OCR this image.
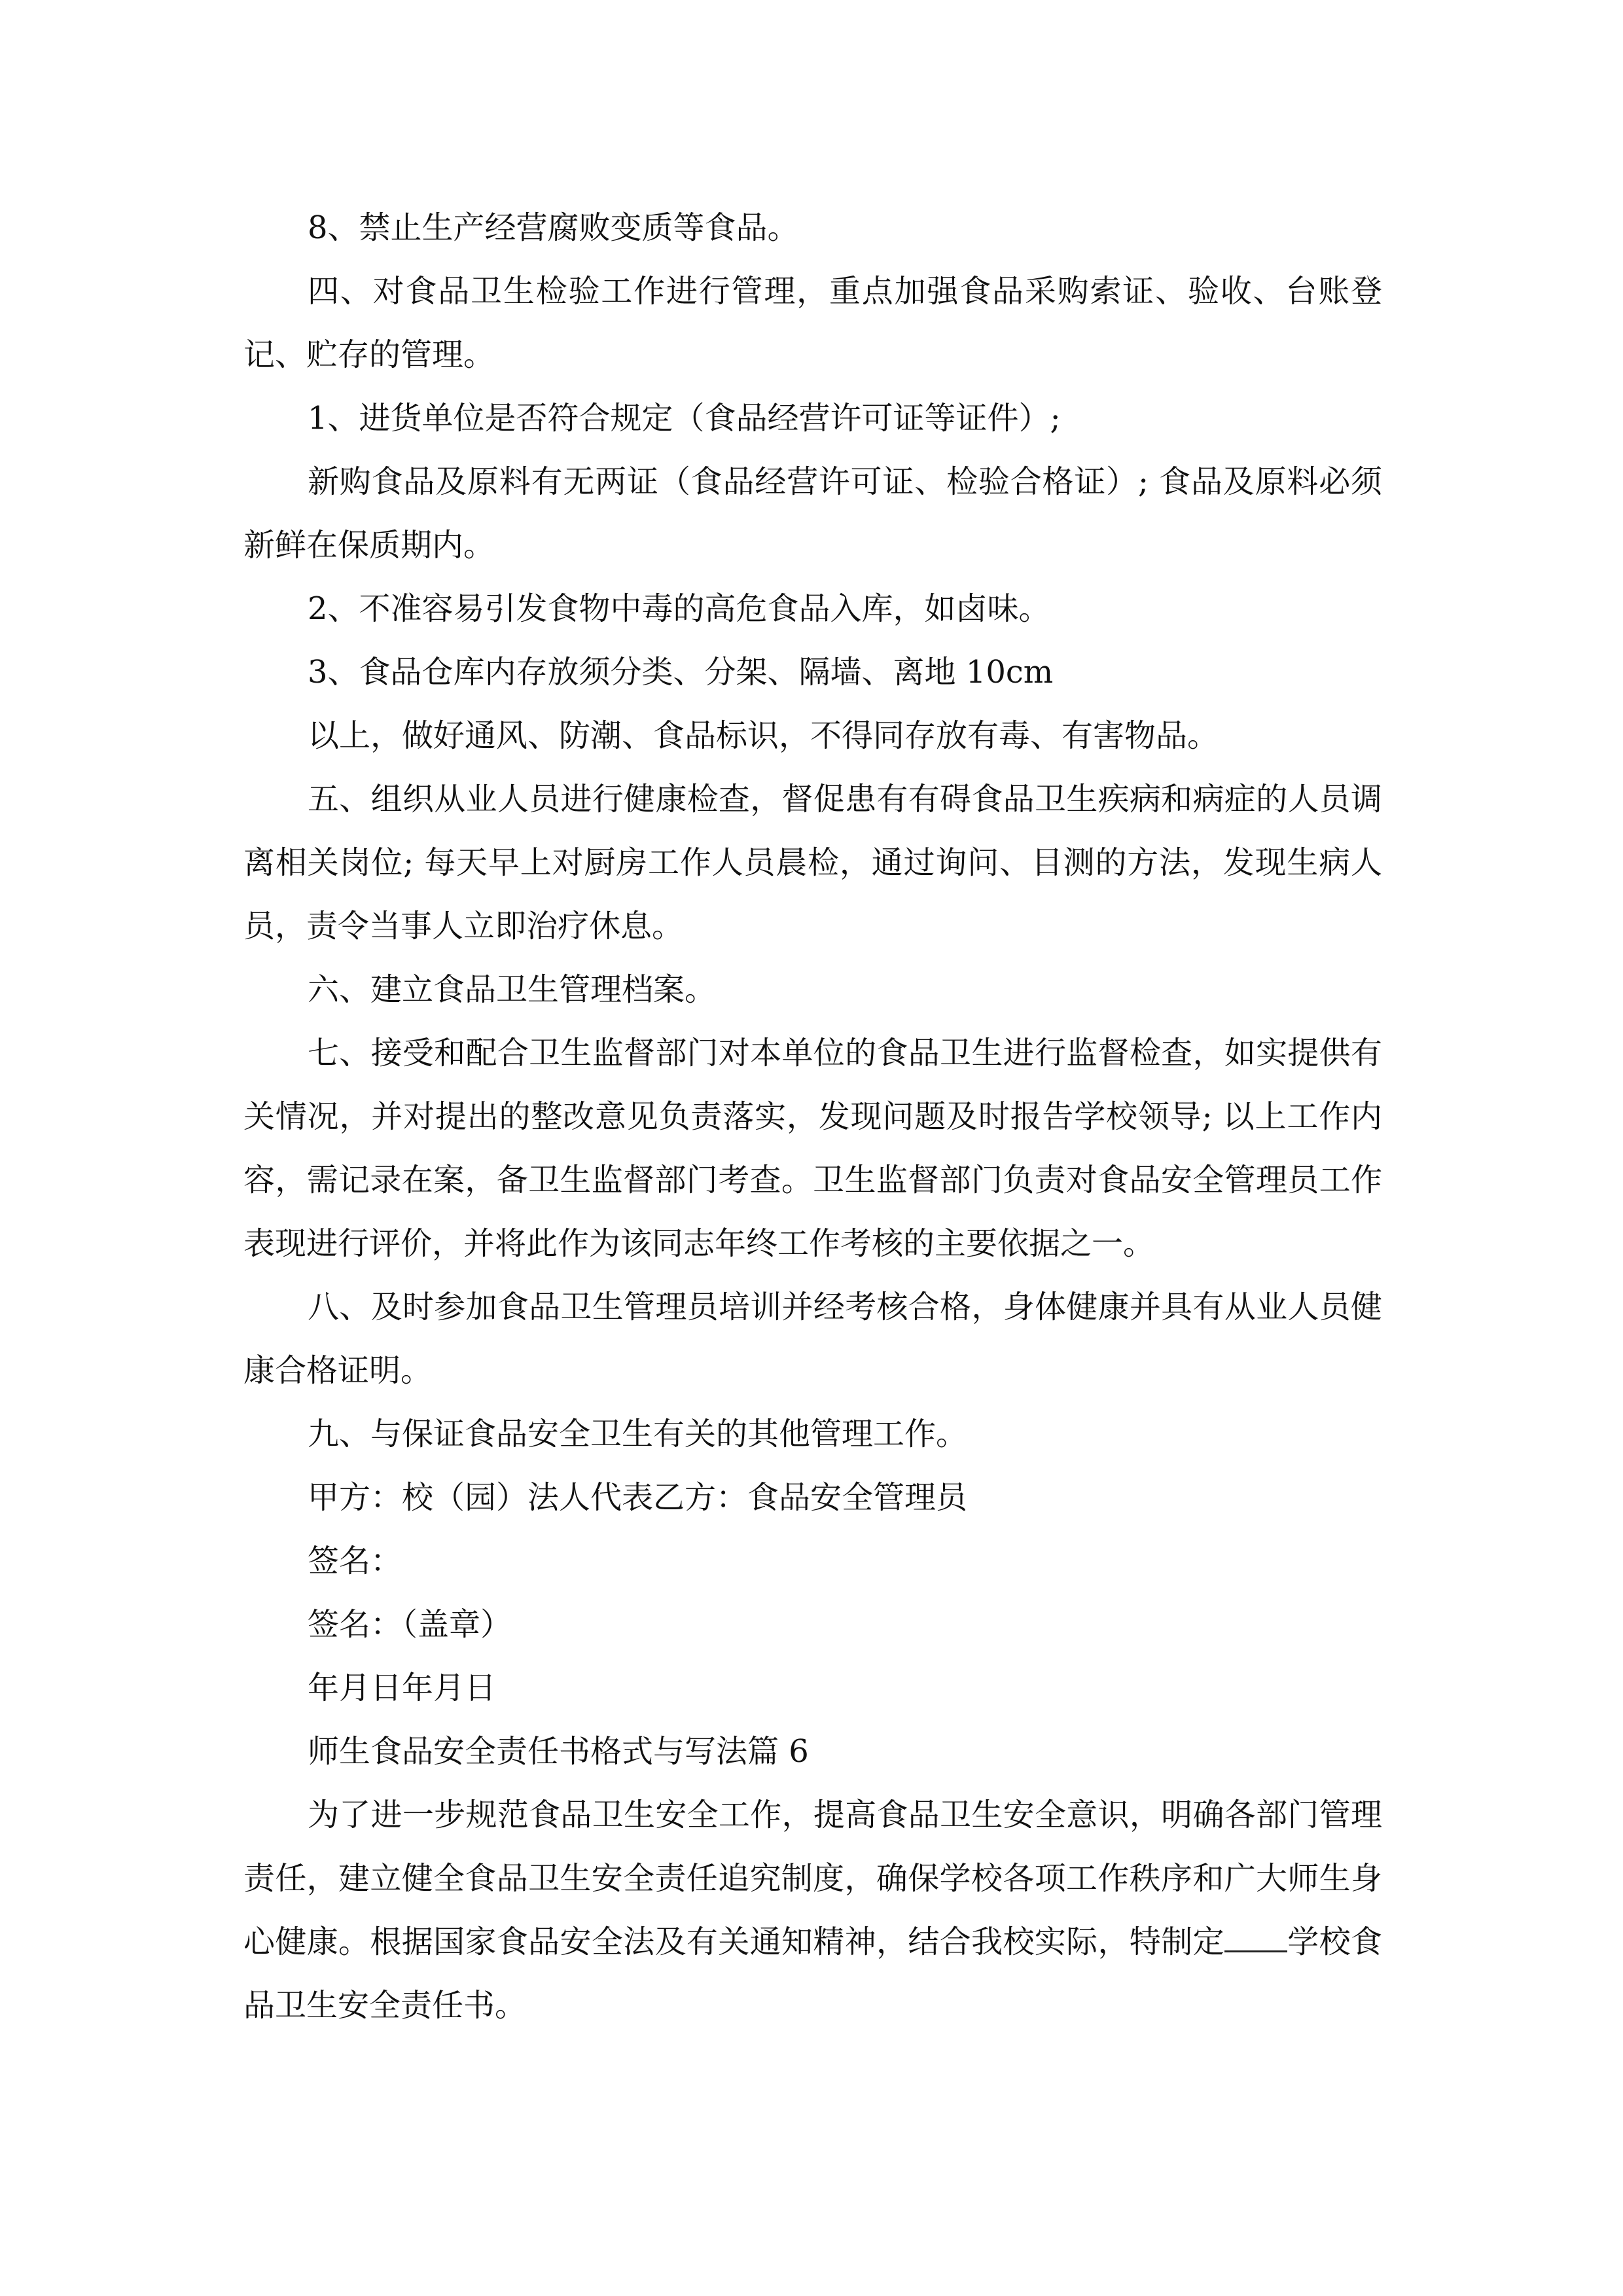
8、禁止生产经营腐败变质等食品。

四、对食品卫生检验工作进行管理，重点加强食品采购索证、验收、台账登记、贮存的管理。

1、进货单位是否符合规定（食品经营许可证等证件）;

新购食品及原料有无两证（食品经营许可证、检验合格证）; 食品及原料必须新鲜在保质期内。

2、不准容易引发食物中毒的高危食品入库，如卤味。

3、食品仓库内存放须分类、分架、隔墙、离地 10cm

以上，做好通风、防潮、食品标识，不得同存放有毒、有害物品。

五、组织从业人员进行健康检查，督促患有有碍食品卫生疾病和病症的人员调离相关岗位; 每天早上对厨房工作人员晨检，通过询问、目测的方法，发现生病人员，责令当事人立即治疗休息。

六、建立食品卫生管理档案。

七、接受和配合卫生监督部门对本单位的食品卫生进行监督检查，如实提供有关情况，并对提出的整改意见负责落实，发现问题及时报告学校领导; 以上工作内容，需记录在案，备卫生监督部门考查。卫生监督部门负责对食品安全管理员工作表现进行评价，并将此作为该同志年终工作考核的主要依据之一。

八、及时参加食品卫生管理员培训并经考核合格，身体健康并具有从业人员健康合格证明。

九、与保证食品安全卫生有关的其他管理工作。

甲方：校（园）法人代表乙方：食品安全管理员

签名：

签名：（盖章）

年月日年月日

师生食品安全责任书格式与写法篇 6

为了进一步规范食品卫生安全工作，提高食品卫生安全意识，明确各部门管理责任，建立健全食品卫生安全责任追究制度，确保学校各项工作秩序和广大师生身心健康。根据国家食品安全法及有关通知精神，结合我校实际，特制定 学校食品卫生安全责任书。
